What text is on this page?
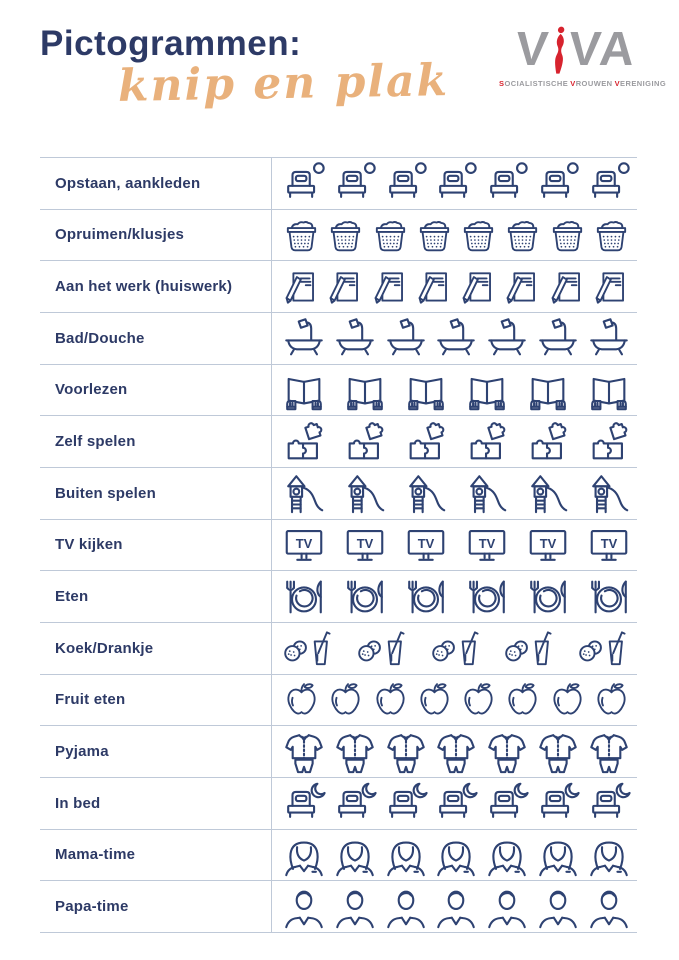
Pictogrammen:
knip en plak
V VA
SOCIALISTISCHE VROUWEN VERENIGING
Opstaan, aankleden
Opruimen/klusjes
Aan het werk (huiswerk)
Bad/Douche
Voorlezen
Zelf spelen
Buiten spelen
TV kijken	TV	TV	TV	TV	TV	TV
Eten
Koek/Drankje
Fruit eten
Pyjama
In bed
Mama-time
Papa-time
